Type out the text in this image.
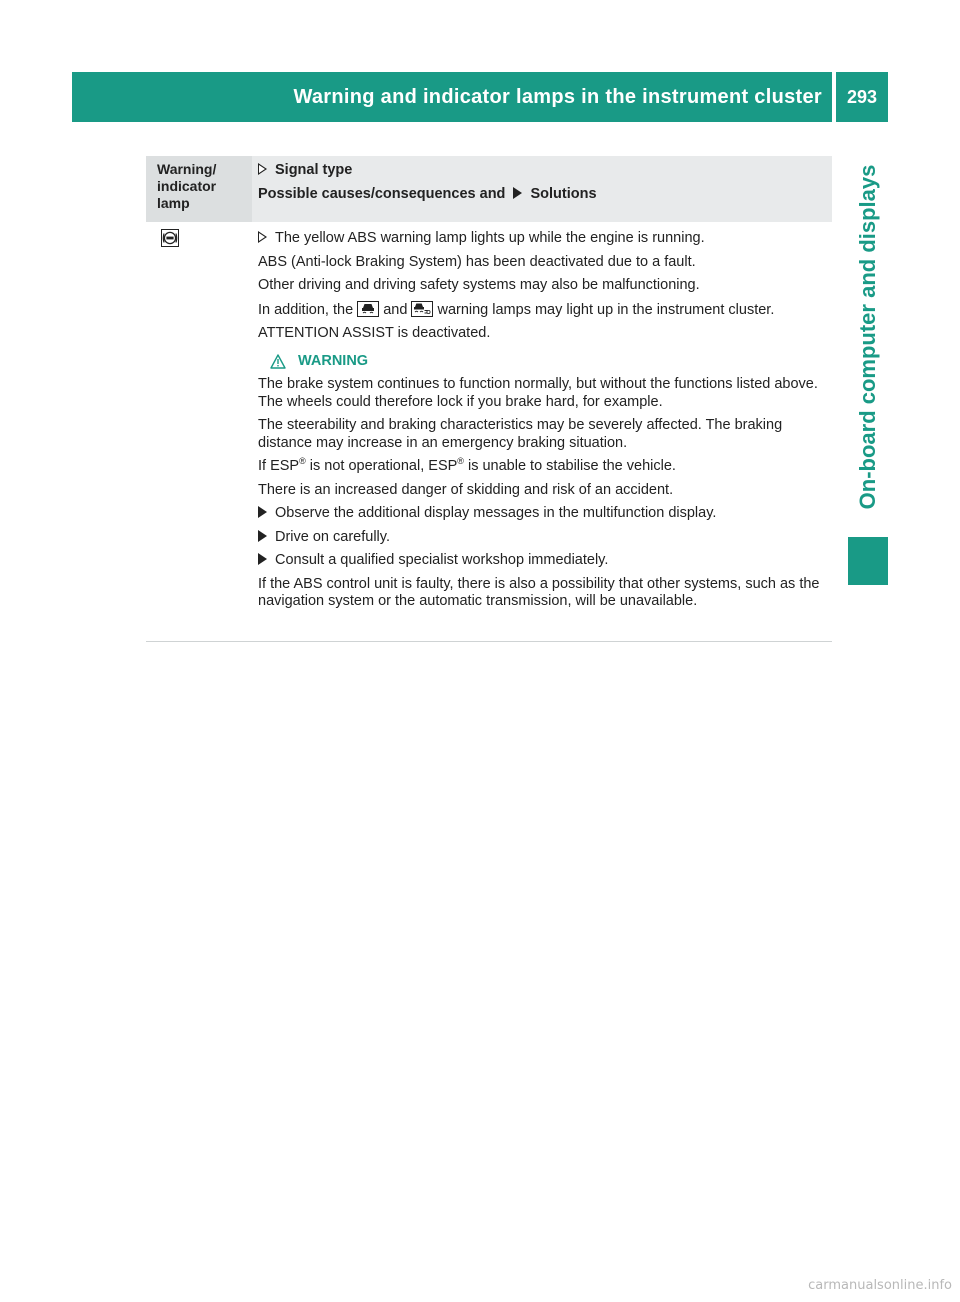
Warning and indicator lamps in the instrument cluster	293
On-board computer and displays
Warning/ indicator lamp
Signal type
Possible causes/consequences and Solutions

The yellow ABS warning lamp lights up while the engine is running.

ABS (Anti-lock Braking System) has been deactivated due to a fault.

Other driving and driving safety systems may also be malfunctioning.

In addition, the and warning lamps may light up in the instrument cluster.

ATTENTION ASSIST is deactivated.

WARNING

The brake system continues to function normally, but without the functions listed above. The wheels could therefore lock if you brake hard, for example.

The steerability and braking characteristics may be severely affected. The braking distance may increase in an emergency braking situation.

If ESP® is not operational, ESP® is unable to stabilise the vehicle.

There is an increased danger of skidding and risk of an accident.

Observe the additional display messages in the multifunction display.
Drive on carefully.
Consult a qualified specialist workshop immediately.

If the ABS control unit is faulty, there is also a possibility that other systems, such as the navigation system or the automatic transmission, will be unavailable.

carmanualsonline.info
